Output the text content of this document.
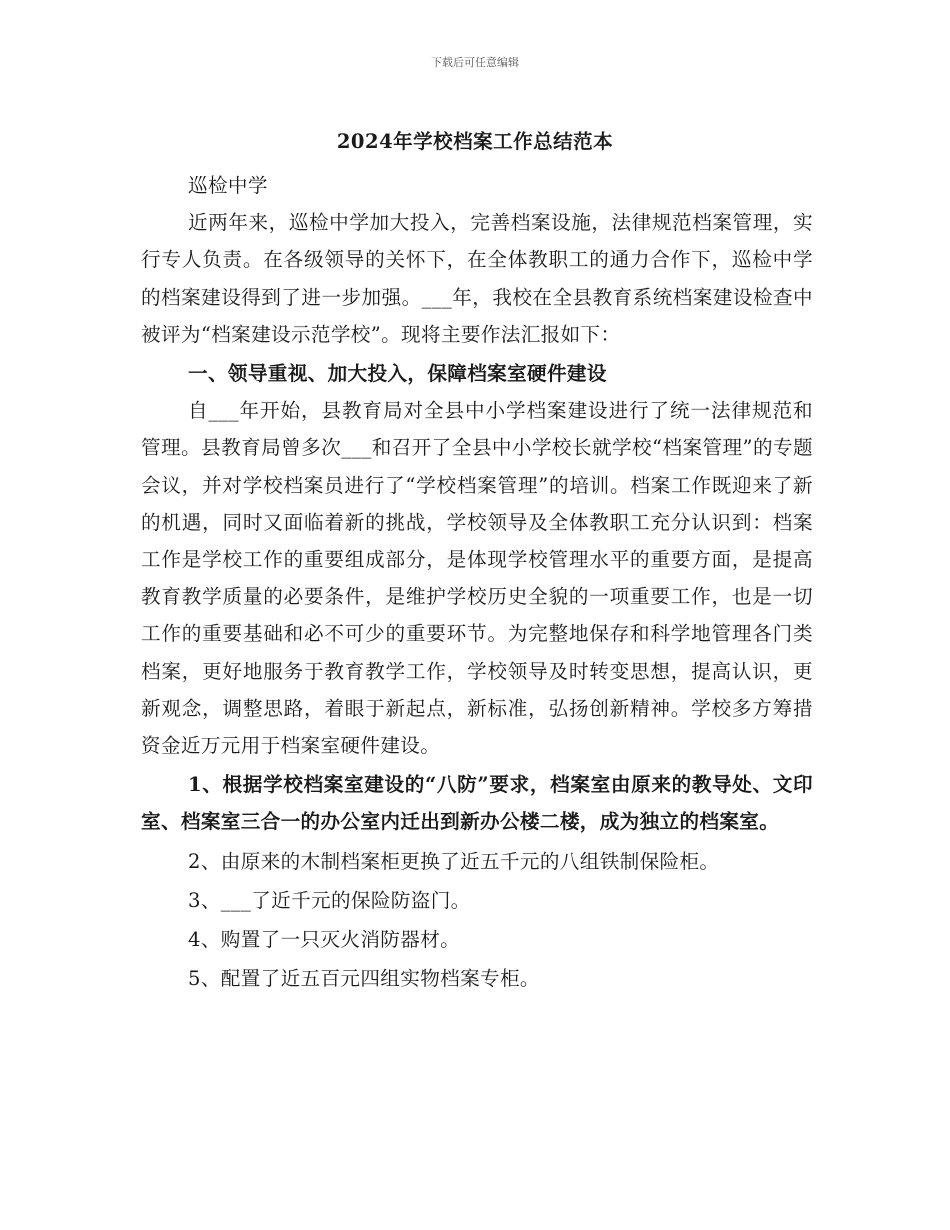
下载后可任意编辑
2024年学校档案工作总结范本

巡检中学

近两年来，巡检中学加大投入，完善档案设施，法律规范档案管理，实行专人负责。在各级领导的关怀下，在全体教职工的通力合作下，巡检中学的档案建设得到了进一步加强。___年，我校在全县教育系统档案建设检查中被评为“档案建设示范学校”。现将主要作法汇报如下：

一、领导重视、加大投入，保障档案室硬件建设

自___年开始，县教育局对全县中小学档案建设进行了统一法律规范和管理。县教育局曾多次___和召开了全县中小学校长就学校“档案管理”的专题会议，并对学校档案员进行了“学校档案管理”的培训。档案工作既迎来了新的机遇，同时又面临着新的挑战，学校领导及全体教职工充分认识到：档案工作是学校工作的重要组成部分，是体现学校管理水平的重要方面，是提高教育教学质量的必要条件，是维护学校历史全貌的一项重要工作，也是一切工作的重要基础和必不可少的重要环节。为完整地保存和科学地管理各门类档案，更好地服务于教育教学工作，学校领导及时转变思想，提高认识，更新观念，调整思路，着眼于新起点，新标准，弘扬创新精神。学校多方筹措资金近万元用于档案室硬件建设。

1、根据学校档案室建设的“八防”要求，档案室由原来的教导处、文印室、档案室三合一的办公室内迁出到新办公楼二楼，成为独立的档案室。

2、由原来的木制档案柜更换了近五千元的八组铁制保险柜。

3、___了近千元的保险防盗门。

4、购置了一只灭火消防器材。

5、配置了近五百元四组实物档案专柜。
